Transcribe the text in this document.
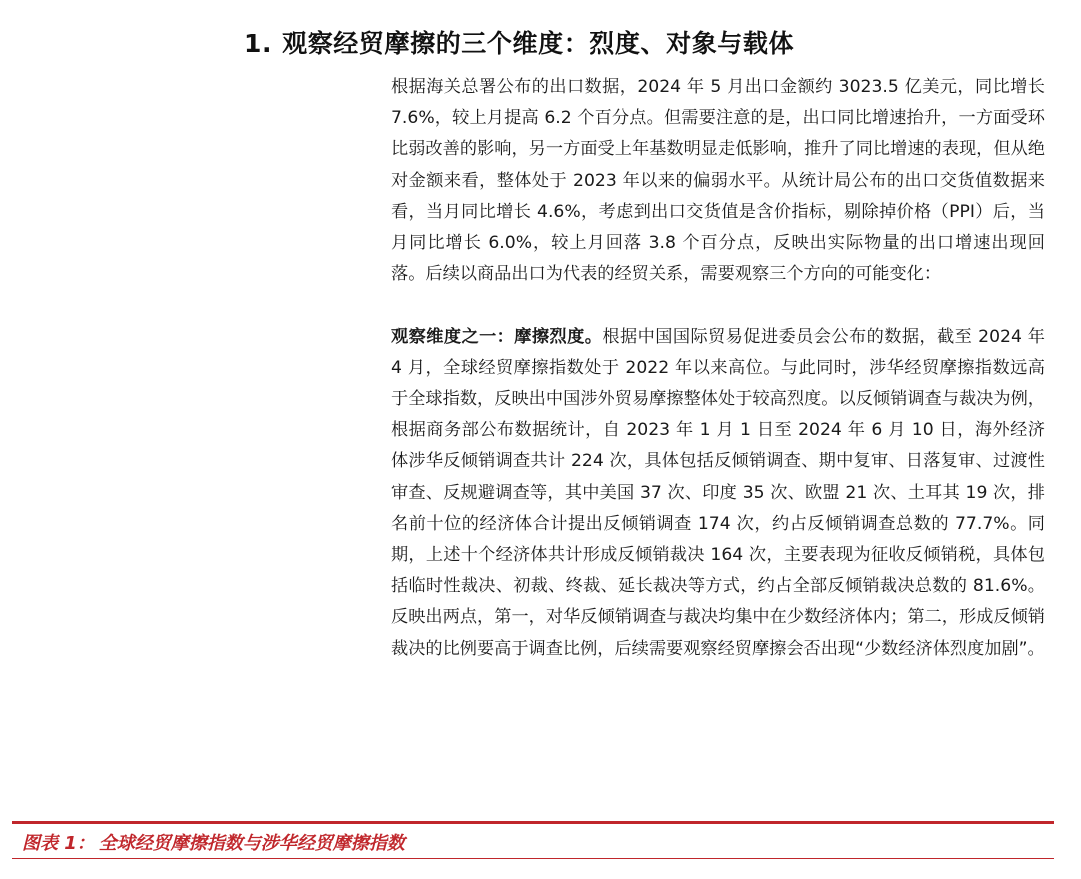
1. 观察经贸摩擦的三个维度：烈度、对象与载体

根据海关总署公布的出口数据，2024 年 5 月出口金额约 3023.5 亿美元，同比增长 7.6%，较上月提高 6.2 个百分点。但需要注意的是，出口同比增速抬升，一方面受环比弱改善的影响，另一方面受上年基数明显走低影响，推升了同比增速的表现，但从绝对金额来看，整体处于 2023 年以来的偏弱水平。从统计局公布的出口交货值数据来看，当月同比增长 4.6%，考虑到出口交货值是含价指标，剔除掉价格（PPI）后，当月同比增长 6.0%，较上月回落 3.8 个百分点，反映出实际物量的出口增速出现回落。后续以商品出口为代表的经贸关系，需要观察三个方向的可能变化：

观察维度之一：摩擦烈度。根据中国国际贸易促进委员会公布的数据，截至 2024 年 4 月，全球经贸摩擦指数处于 2022 年以来高位。与此同时，涉华经贸摩擦指数远高于全球指数，反映出中国涉外贸易摩擦整体处于较高烈度。以反倾销调查与裁决为例，根据商务部公布数据统计，自 2023 年 1 月 1 日至 2024 年 6 月 10 日，海外经济体涉华反倾销调查共计 224 次，具体包括反倾销调查、期中复审、日落复审、过渡性审查、反规避调查等，其中美国 37 次、印度 35 次、欧盟 21 次、土耳其 19 次，排名前十位的经济体合计提出反倾销调查 174 次，约占反倾销调查总数的 77.7%。同期，上述十个经济体共计形成反倾销裁决 164 次，主要表现为征收反倾销税，具体包括临时性裁决、初裁、终裁、延长裁决等方式，约占全部反倾销裁决总数的 81.6%。反映出两点，第一，对华反倾销调查与裁决均集中在少数经济体内；第二，形成反倾销裁决的比例要高于调查比例，后续需要观察经贸摩擦会否出现“少数经济体烈度加剧”。

图表 1： 全球经贸摩擦指数与涉华经贸摩擦指数
